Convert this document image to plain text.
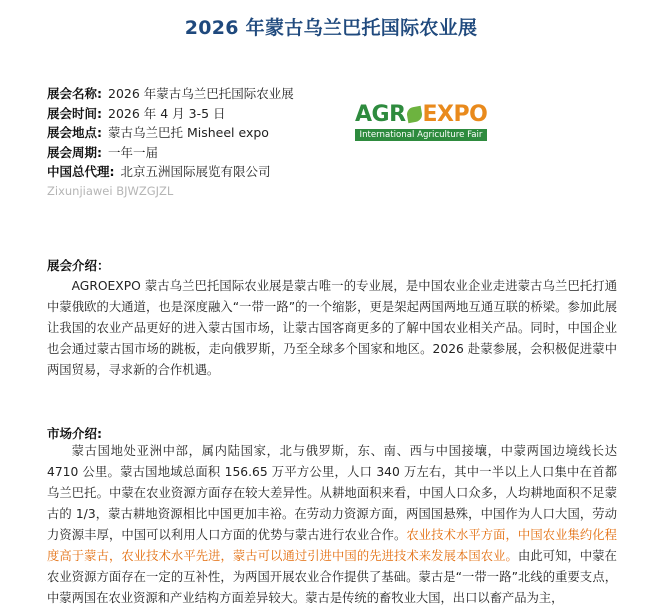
2026 年蒙古乌兰巴托国际农业展
展会名称: 2026 年蒙古乌兰巴托国际农业展
展会时间: 2026 年 4 月 3-5 日
展会地点: 蒙古乌兰巴托 Misheel expo
展会周期: 一年一届
中国总代理: 北京五洲国际展览有限公司
Zixunjiawei BJWZGJZL
AGR EXPO
International Agriculture Fair
展会介绍：
AGROEXPO 蒙古乌兰巴托国际农业展是蒙古唯一的专业展，是中国农业企业走进蒙古乌兰巴托打通中蒙俄欧的大通道，也是深度融入“一带一路”的一个缩影，更是架起两国两地互通互联的桥梁。参加此展让我国的农业产品更好的进入蒙古国市场，让蒙古国客商更多的了解中国农业相关产品。同时，中国企业也会通过蒙古国市场的跳板，走向俄罗斯，乃至全球多个国家和地区。2026 赴蒙参展，会积极促进蒙中两国贸易，寻求新的合作机遇。
市场介绍:
蒙古国地处亚洲中部，属内陆国家，北与俄罗斯，东、南、西与中国接壤，中蒙两国边境线长达 4710 公里。蒙古国地域总面积 156.65 万平方公里，人口 340 万左右，其中一半以上人口集中在首都乌兰巴托。中蒙在农业资源方面存在较大差异性。从耕地面积来看，中国人口众多，人均耕地面积不足蒙古的 1/3，蒙古耕地资源相比中国更加丰裕。在劳动力资源方面，两国国悬殊，中国作为人口大国，劳动力资源丰厚，中国可以利用人口方面的优势与蒙古进行农业合作。农业技术水平方面，中国农业集约化程度高于蒙古，农业技术水平先进，蒙古可以通过引进中国的先进技术来发展本国农业。由此可知，中蒙在农业资源方面存在一定的互补性，为两国开展农业合作提供了基础。蒙古是“一带一路”北线的重要支点，中蒙两国在农业资源和产业结构方面差异较大。蒙古是传统的畜牧业大国，出口以畜产品为主，
